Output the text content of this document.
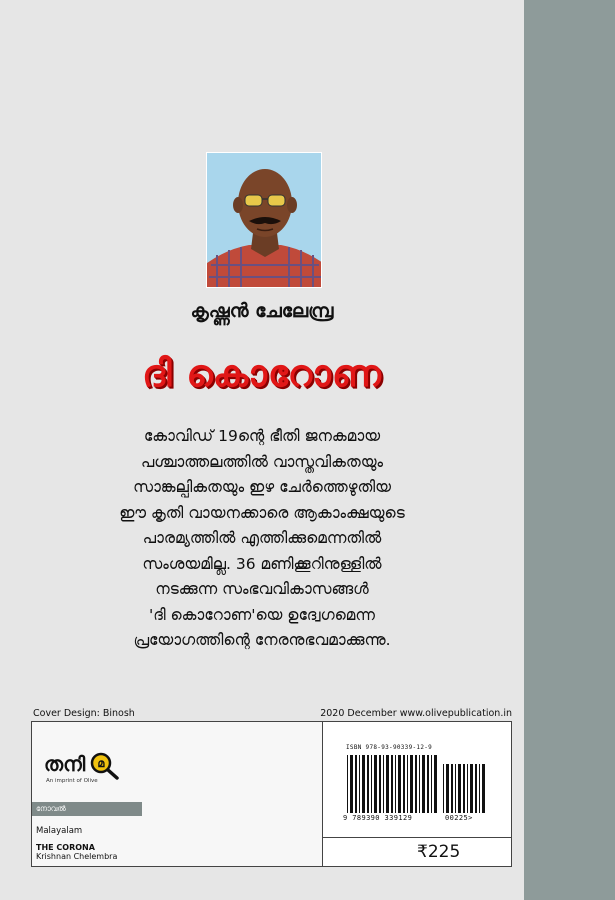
കൃഷ്ണൻ ചേലേമ്പ്ര
ദി കൊറോണ
കോവിഡ് 19ന്റെ ഭീതി ജനകമായ
പശ്ചാത്തലത്തിൽ വാസ്തവികതയും
സാങ്കല്പികതയും ഇഴ ചേർത്തെഴുതിയ
ഈ കൃതി വായനക്കാരെ ആകാംക്ഷയുടെ
പാരമ്യത്തിൽ എത്തിക്കുമെന്നതിൽ
സംശയമില്ല. 36 മണിക്കൂറിനുള്ളിൽ
നടക്കുന്ന സംഭവവികാസങ്ങൾ
'ദി കൊറോണ'യെ ഉദ്വേഗമെന്ന
പ്രയോഗത്തിന്റെ നേരനുഭവമാക്കുന്നു.
Cover Design: Binosh	2020 December www.olivepublication.in
തനി മ
An imprint of Olive
നോവൽ
Malayalam
THE CORONA
Krishnan Chelembra
ISBN 978-93-90339-12-9
9 789390 339129	00225>
₹225
